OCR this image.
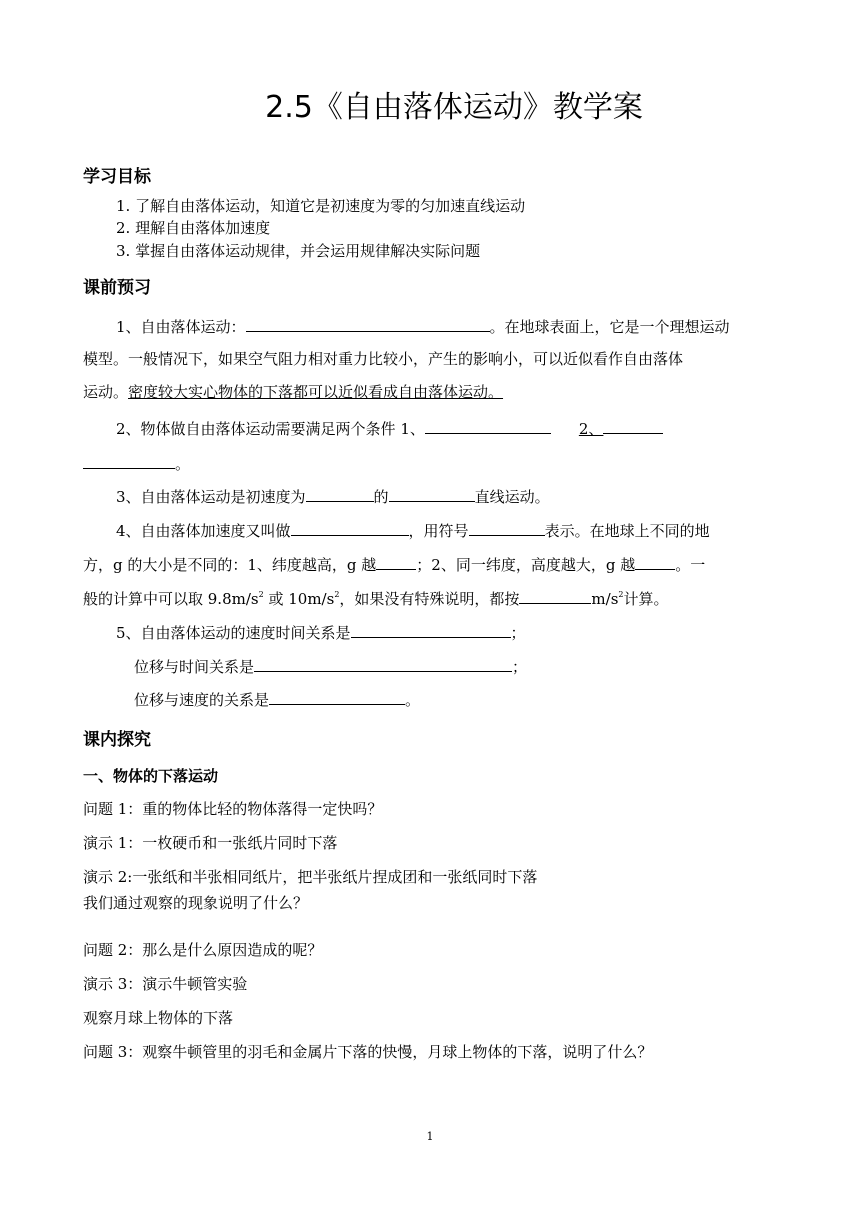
2.5《自由落体运动》教学案
学习目标
1. 了解自由落体运动，知道它是初速度为零的匀加速直线运动
2. 理解自由落体加速度
3. 掌握自由落体运动规律，并会运用规律解决实际问题
课前预习
1、自由落体运动：	。在地球表面上，它是一个理想运动
模型。一般情况下，如果空气阻力相对重力比较小，产生的影响小，可以近似看作自由落体
运动。密度较大实心物体的下落都可以近似看成自由落体运动。
2、物体做自由落体运动需要满足两个条件 1、	2、
。
3、自由落体运动是初速度为	的	直线运动。
4、自由落体加速度又叫做	，用符号	表示。在地球上不同的地
方，g 的大小是不同的：1、纬度越高，g 越	；2、同一纬度，高度越大，g 越	。一
般的计算中可以取 $9.8m/s^2$ 或 $10m/s^2$，如果没有特殊说明，都按	$m/s^2$计算。
5、自由落体运动的速度时间关系是	；
位移与时间关系是	；
位移与速度的关系是	。
课内探究
一、物体的下落运动
问题 1：重的物体比轻的物体落得一定快吗？
演示 1：一枚硬币和一张纸片同时下落
演示 2:一张纸和半张相同纸片，把半张纸片捏成团和一张纸同时下落
我们通过观察的现象说明了什么？
问题 2：那么是什么原因造成的呢？
演示 3：演示牛顿管实验
观察月球上物体的下落
问题 3：观察牛顿管里的羽毛和金属片下落的快慢，月球上物体的下落，说明了什么？
1
